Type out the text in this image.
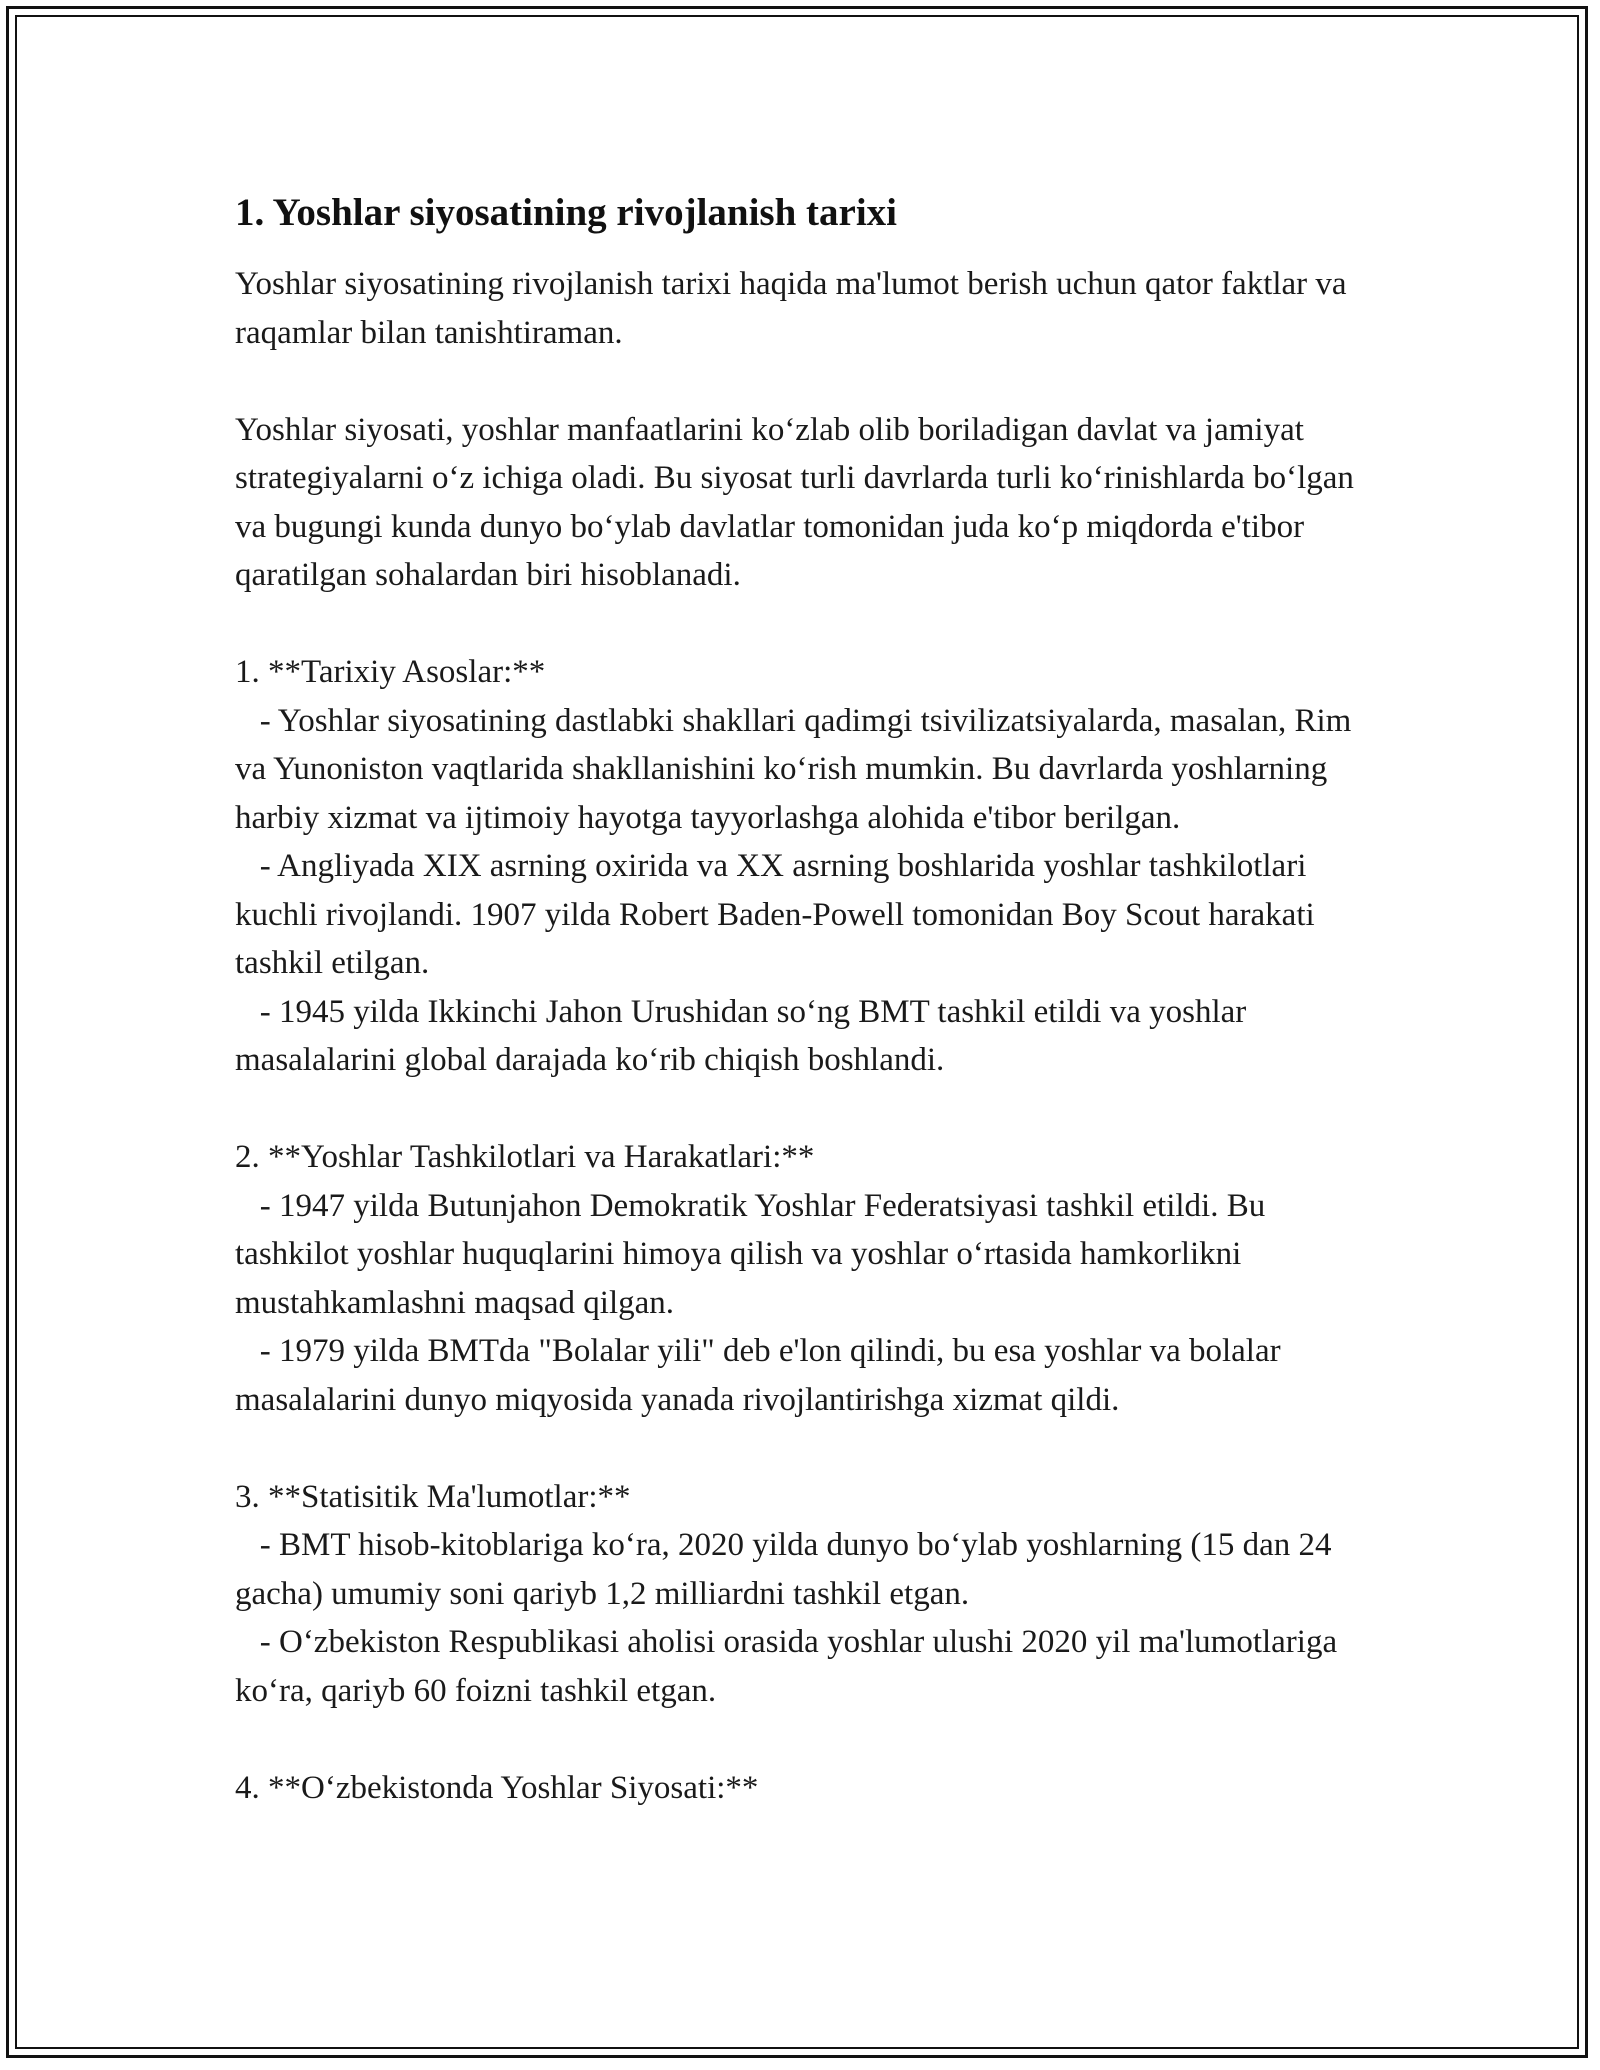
1. Yoshlar siyosatining rivojlanish tarixi

Yoshlar siyosatining rivojlanish tarixi haqida ma'lumot berish uchun qator faktlar va raqamlar bilan tanishtiraman.

Yoshlar siyosati, yoshlar manfaatlarini ko‘zlab olib boriladigan davlat va jamiyat strategiyalarni o‘z ichiga oladi. Bu siyosat turli davrlarda turli ko‘rinishlarda bo‘lgan va bugungi kunda dunyo bo‘ylab davlatlar tomonidan juda ko‘p miqdorda e'tibor qaratilgan sohalardan biri hisoblanadi.

1. **Tarixiy Asoslar:**

- Yoshlar siyosatining dastlabki shakllari qadimgi tsivilizatsiyalarda, masalan, Rim va Yunoniston vaqtlarida shakllanishini ko‘rish mumkin. Bu davrlarda yoshlarning harbiy xizmat va ijtimoiy hayotga tayyorlashga alohida e'tibor berilgan.

- Angliyada XIX asrning oxirida va XX asrning boshlarida yoshlar tashkilotlari kuchli rivojlandi. 1907 yilda Robert Baden-Powell tomonidan Boy Scout harakati tashkil etilgan.

- 1945 yilda Ikkinchi Jahon Urushidan so‘ng BMT tashkil etildi va yoshlar masalalarini global darajada ko‘rib chiqish boshlandi.

2. **Yoshlar Tashkilotlari va Harakatlari:**

- 1947 yilda Butunjahon Demokratik Yoshlar Federatsiyasi tashkil etildi. Bu tashkilot yoshlar huquqlarini himoya qilish va yoshlar o‘rtasida hamkorlikni mustahkamlashni maqsad qilgan.

- 1979 yilda BMTda "Bolalar yili" deb e'lon qilindi, bu esa yoshlar va bolalar masalalarini dunyo miqyosida yanada rivojlantirishga xizmat qildi.

3. **Statisitik Ma'lumotlar:**

- BMT hisob-kitoblariga ko‘ra, 2020 yilda dunyo bo‘ylab yoshlarning (15 dan 24 gacha) umumiy soni qariyb 1,2 milliardni tashkil etgan.

- O‘zbekiston Respublikasi aholisi orasida yoshlar ulushi 2020 yil ma'lumotlariga ko‘ra, qariyb 60 foizni tashkil etgan.

4. **O‘zbekistonda Yoshlar Siyosati:**
